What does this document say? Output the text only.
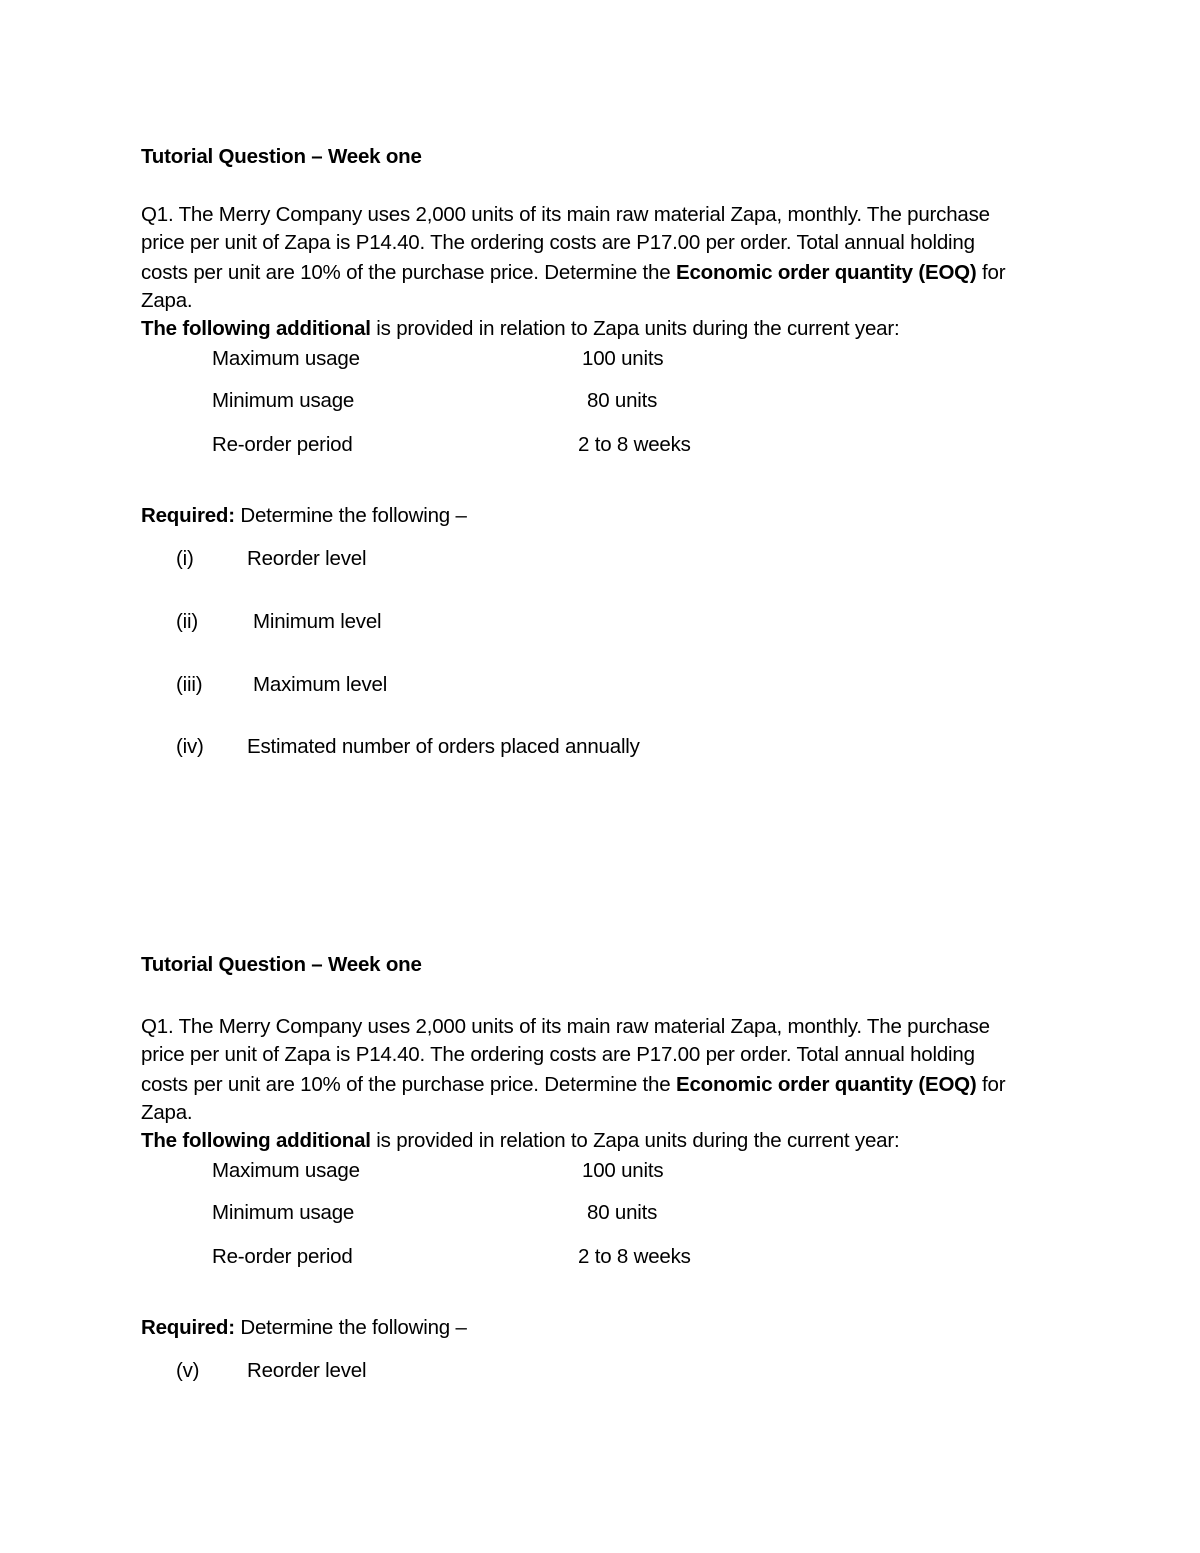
Tutorial Question – Week one
Q1. The Merry Company uses 2,000 units of its main raw material Zapa, monthly. The purchase
price per unit of Zapa is P14.40. The ordering costs are P17.00 per order. Total annual holding
costs per unit are 10% of the purchase price. Determine the Economic order quantity (EOQ) for
Zapa.
The following additional is provided in relation to Zapa units during the current year:
Maximum usage	100 units
Minimum usage	80 units
Re-order period	2 to 8 weeks
Required: Determine the following –
(i)	Reorder level
(ii)	Minimum level
(iii) Maximum level
(iv) Estimated number of orders placed annually
Tutorial Question – Week one
Q1. The Merry Company uses 2,000 units of its main raw material Zapa, monthly. The purchase
price per unit of Zapa is P14.40. The ordering costs are P17.00 per order. Total annual holding
costs per unit are 10% of the purchase price. Determine the Economic order quantity (EOQ) for
Zapa.
The following additional is provided in relation to Zapa units during the current year:
Maximum usage	100 units
Minimum usage	80 units
Re-order period	2 to 8 weeks
Required: Determine the following –
(v) Reorder level
